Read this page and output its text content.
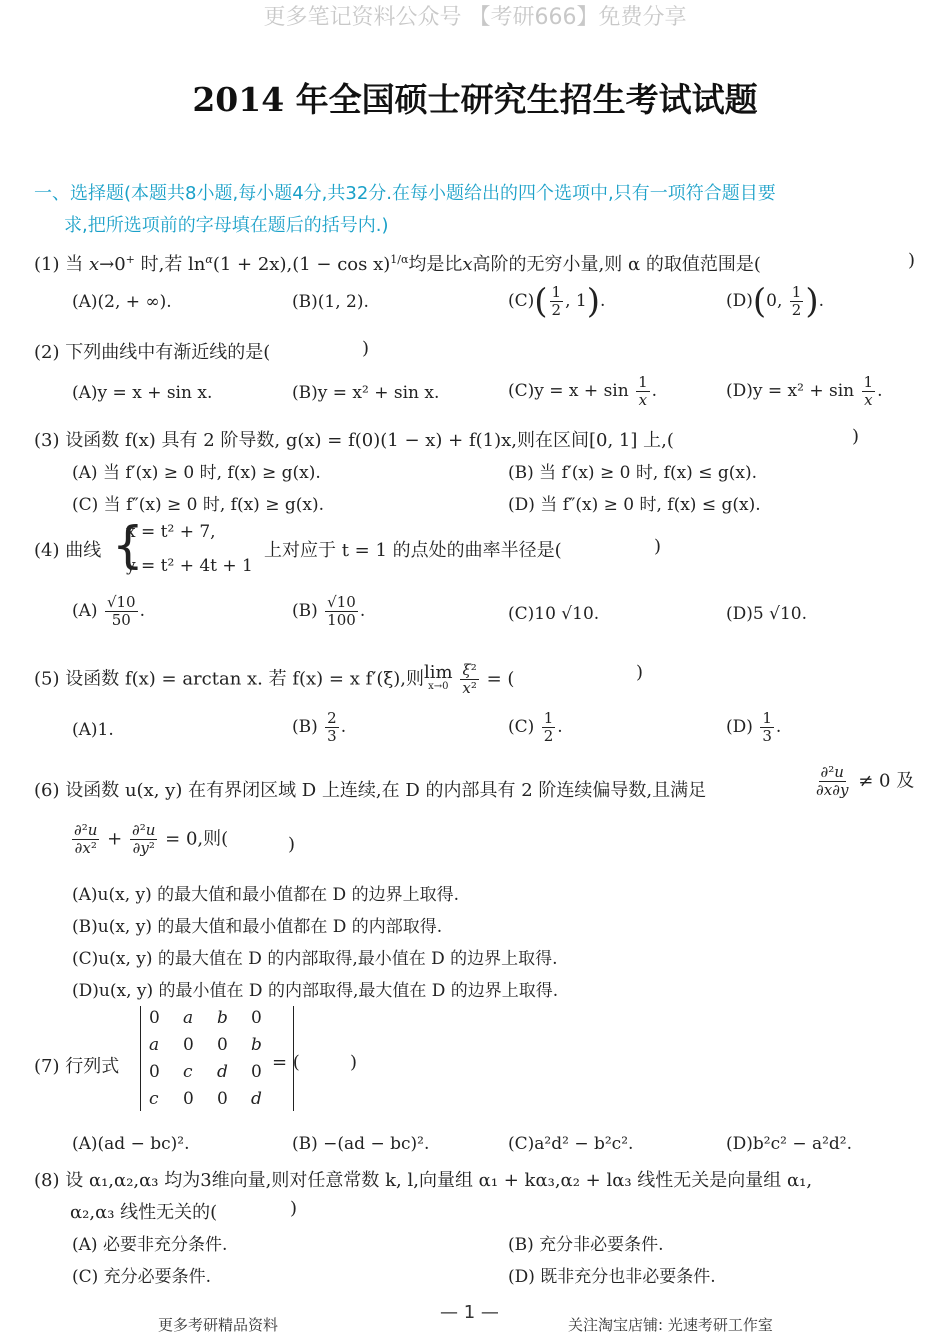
更多笔记资料公众号 【考研666】免费分享
2014 年全国硕士研究生招生考试试题
一、选择题(本题共8小题,每小题4分,共32分.在每小题给出的四个选项中,只有一项符合题目要
求,把所选项前的字母填在题后的括号内.)
(1) 当 x→0+ 时,若 $\ln^\alpha(1 + 2x),(1 - \cos x)^{1/\alpha}$均是比x高阶的无穷小量,则 α 的取值范围是(	)
(A)(2, + ∞).	(B)(1, 2).	$(C)( \frac{1}{2}$ , 1).	(D)(0, $\frac{1}{2}$ ).
(2) 下列曲线中有渐近线的是(	)
(A)y = x + sin x.	(B)y = x² + sin x.	$(C)y = x + \sin \frac{1}{x}$ .	$(D)y = x^2 + \sin \frac{1}{x}$ .
(3) 设函数 f(x) 具有 2 阶导数, g(x) = f(0)(1 − x) + f(1)x,则在区间[0, 1] 上,(	)
(A) 当 f′(x) ≥ 0 时, f(x) ≥ g(x).	(B) 当 f′(x) ≥ 0 时, f(x) ≤ g(x).
(C) 当 f″(x) ≥ 0 时, f(x) ≥ g(x).	(D) 当 f″(x) ≥ 0 时, f(x) ≤ g(x).
(4) 曲线 {
x = t² + 7,
y = t² + 4t + 1
上对应于 t = 1 的点处的曲率半径是(	)
$(A) \frac{√10}{50}$ .	$(B) \frac{√10}{100}$ .	(C)10 √10.	(D)5 √10.
(5) 设函数 f(x) = arctan x. 若 f(x) = x f′(ξ),则 lim
x→0
$\frac{\text{ξ²}}{\text{x²}}$ = (	)
(A)1.	$(B) \frac{2}{3}$ .	$(C) \frac{1}{2}$ .	$(D) \frac{1}{3}$ .
(6) 设函数 u(x, y) 在有界闭区域 D 上连续,在 D 的内部具有 2 阶连续偏导数,且满足	$\frac{\text{∂²u}}{\partial x\partial y} \ne 0$ 及
$\frac{\text{∂²u}}{\text{∂x²}} + \frac{\text{∂²u}}{\text{∂y²}} = 0$,则(	)
(A)u(x, y) 的最大值和最小值都在 D 的边界上取得.
(B)u(x, y) 的最大值和最小值都在 D 的内部取得.
(C)u(x, y) 的最大值在 D 的内部取得,最小值在 D 的边界上取得.
(D)u(x, y) 的最小值在 D 的内部取得,最大值在 D 的边界上取得.
(7) 行列式
0	a	b	0
a	0	0	b
0	c	d	0
c	0	0	d
= (	)
(A)(ad − bc)².	(B) −(ad − bc)².	(C)a²d² − b²c².	(D)b²c² − a²d².
(8) 设 α₁,α₂,α₃ 均为3维向量,则对任意常数 k, l,向量组 α₁ + kα₃,α₂ + lα₃ 线性无关是向量组 α₁,
α₂,α₃ 线性无关的(	)
(A) 必要非充分条件.	(B) 充分非必要条件.
(C) 充分必要条件.	(D) 既非充分也非必要条件.
更多考研精品资料
— 1 —
关注淘宝店铺: 光速考研工作室
